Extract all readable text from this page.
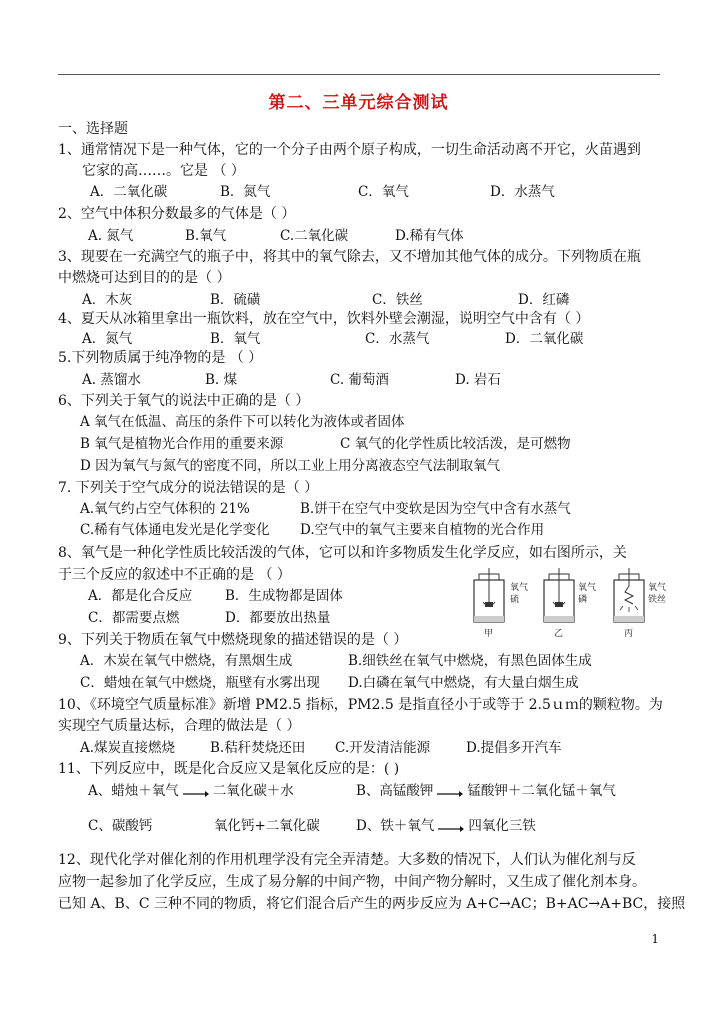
第二、三单元综合测试
一、选择题
1、通常情况下是一种气体，它的一个分子由两个原子构成，一切生命活动离不开它，火苗遇到
它家的高……。它是 （ ）
A．二氧化碳	B．氮气	C．氧气	D．水蒸气
2、空气中体积分数最多的气体是（ ）
A. 氮气	B.氧气	C.二氧化碳	D.稀有气体
3、现要在一充满空气的瓶子中，将其中的氧气除去，又不增加其他气体的成分。下列物质在瓶
中燃烧可达到目的的是（ ）
A．木灰	B．硫磺	C．铁丝	D．红磷
4、夏天从冰箱里拿出一瓶饮料，放在空气中，饮料外壁会潮湿，说明空气中含有（ ）
A．氮气	B．氧气	C．水蒸气	D．二氧化碳
5.下列物质属于纯净物的是 （ ）
A. 蒸馏水	B. 煤	C. 葡萄酒	D. 岩石
6、下列关于氧气的说法中正确的是（ ）
A 氧气在低温、高压的条件下可以转化为液体或者固体
B 氧气是植物光合作用的重要来源	C 氧气的化学性质比较活泼，是可燃物
D 因为氧气与氮气的密度不同，所以工业上用分离液态空气法制取氧气
7. 下列关于空气成分的说法错误的是（ ）
A.氧气约占空气体积的 21%	B.饼干在空气中变软是因为空气中含有水蒸气
C.稀有气体通电发光是化学变化 D.空气中的氧气主要来自植物的光合作用
8、氧气是一种化学性质比较活泼的气体，它可以和许多物质发生化学反应，如右图所示，关
于三个反应的叙述中不正确的是 （ ）
A．都是化合反应 B．生成物都是固体
C．都需要点燃	D．都要放出热量
氧气
硫
甲
氧气
磷
乙
氧气
铁丝
丙
9、下列关于物质在氧气中燃烧现象的描述错误的是（ ）
A．木炭在氧气中燃烧，有黑烟生成	B.细铁丝在氧气中燃烧，有黑色固体生成
C．蜡烛在氧气中燃烧，瓶壁有水雾出现 D.白磷在氧气中燃烧，有大量白烟生成
10、《环境空气质量标准》新增 PM2.5 指标，PM2.5 是指直径小于或等于 2.5ｕｍ的颗粒物。为
实现空气质量达标，合理的做法是（ ）
A.煤炭直接燃烧	B.秸秆焚烧还田 C.开发清洁能源	D.提倡多开汽车
11、下列反应中，既是化合反应又是氧化反应的是：( )
A、蜡烛＋氧气 → 二氧化碳＋水	B、高锰酸钾 → 锰酸钾＋二氧化锰＋氧气
C、碳酸钙	氧化钙+二氧化碳	D、铁＋氧气 → 四氧化三铁
12、现代化学对催化剂的作用机理学没有完全弄清楚。大多数的情况下，人们认为催化剂与反
应物一起参加了化学反应，生成了易分解的中间产物，中间产物分解时，又生成了催化剂本身。
已知 A、B、C 三种不同的物质，将它们混合后产生的两步反应为 A+C→AC；B+AC→A+BC，接照
1
